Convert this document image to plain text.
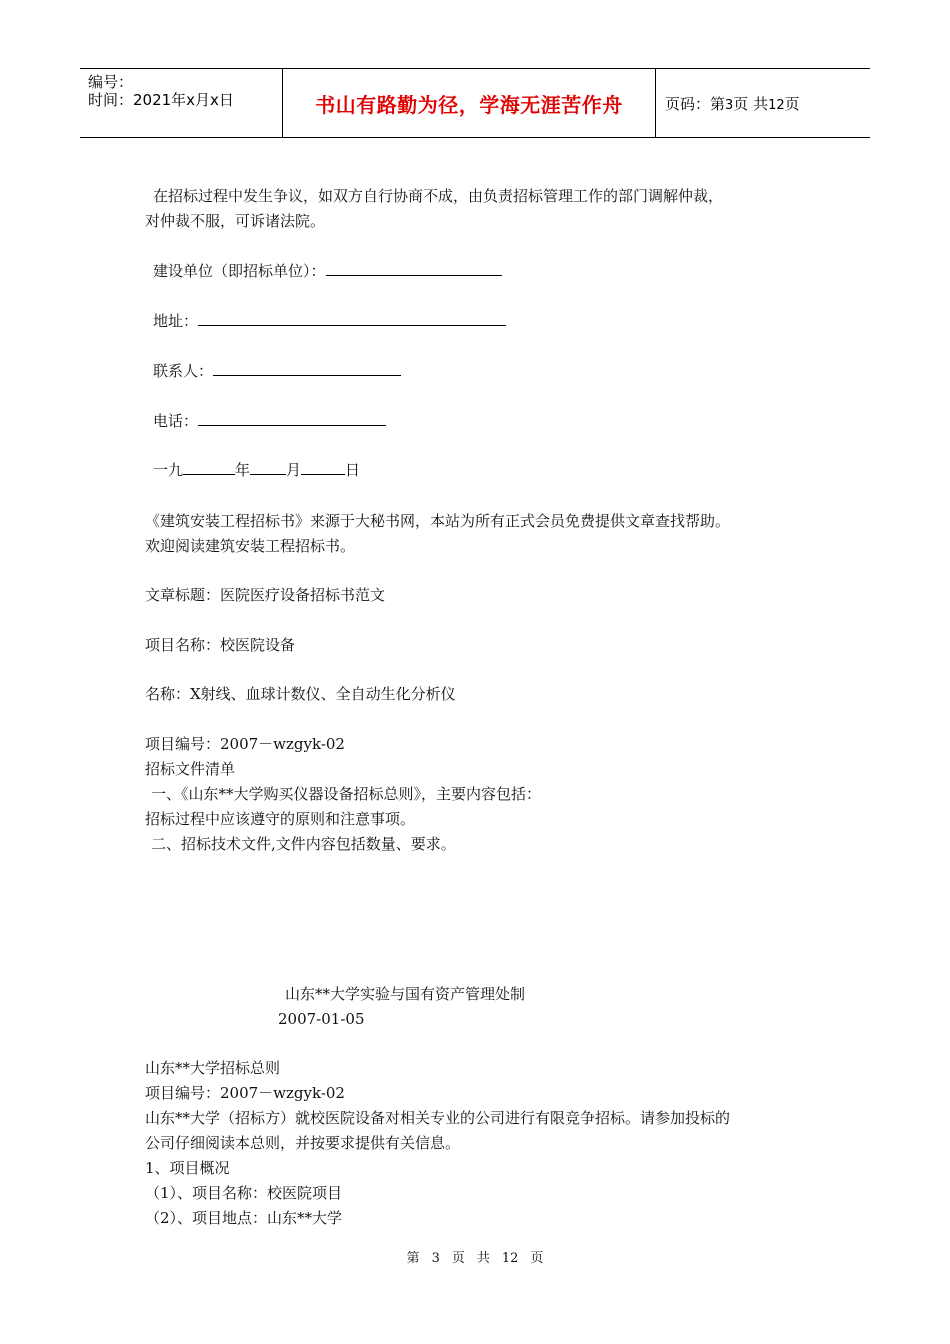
编号：
时间：2021年x月x日	书山有路勤为径，学海无涯苦作舟	页码：第3页 共12页
在招标过程中发生争议，如双方自行协商不成，由负责招标管理工作的部门调解仲裁，
对仲裁不服，可诉诸法院。
建设单位（即招标单位）：
地址：
联系人：
电话：
一九	年 月	日
《建筑安装工程招标书》来源于大秘书网，本站为所有正式会员免费提供文章查找帮助。
欢迎阅读建筑安装工程招标书。
文章标题：医院医疗设备招标书范文
项目名称：校医院设备
名称：X射线、血球计数仪、全自动生化分析仪
项目编号：2007－wzgyk-02
招标文件清单
一、《山东**大学购买仪器设备招标总则》，主要内容包括：
招标过程中应该遵守的原则和注意事项。
二、招标技术文件,文件内容包括数量、要求。
山东**大学实验与国有资产管理处制
2007-01-05
山东**大学招标总则
项目编号：2007－wzgyk-02
山东**大学（招标方）就校医院设备对相关专业的公司进行有限竞争招标。请参加投标的
公司仔细阅读本总则，并按要求提供有关信息。
1、项目概况
（1）、项目名称：校医院项目
（2）、项目地点：山东**大学
第 3 页 共 12 页
